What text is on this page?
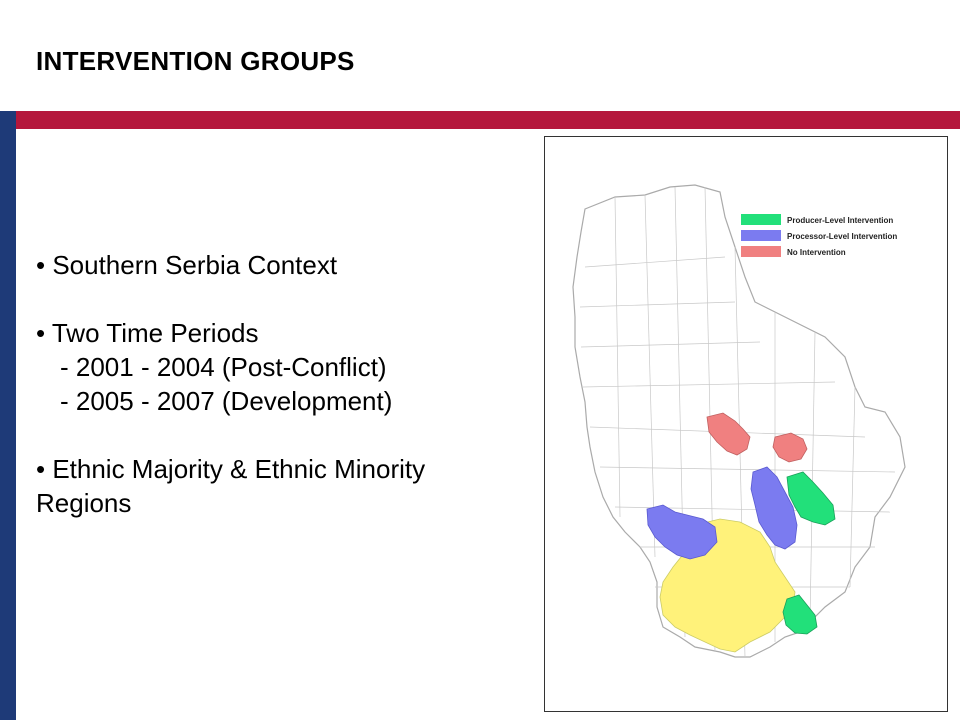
INTERVENTION GROUPS
• Southern Serbia Context
• Two Time Periods
- 2001 - 2004 (Post-Conflict)
- 2005 - 2007 (Development)
• Ethnic Majority & Ethnic Minority Regions
Producer-Level Intervention
Processor-Level Intervention
No Intervention
